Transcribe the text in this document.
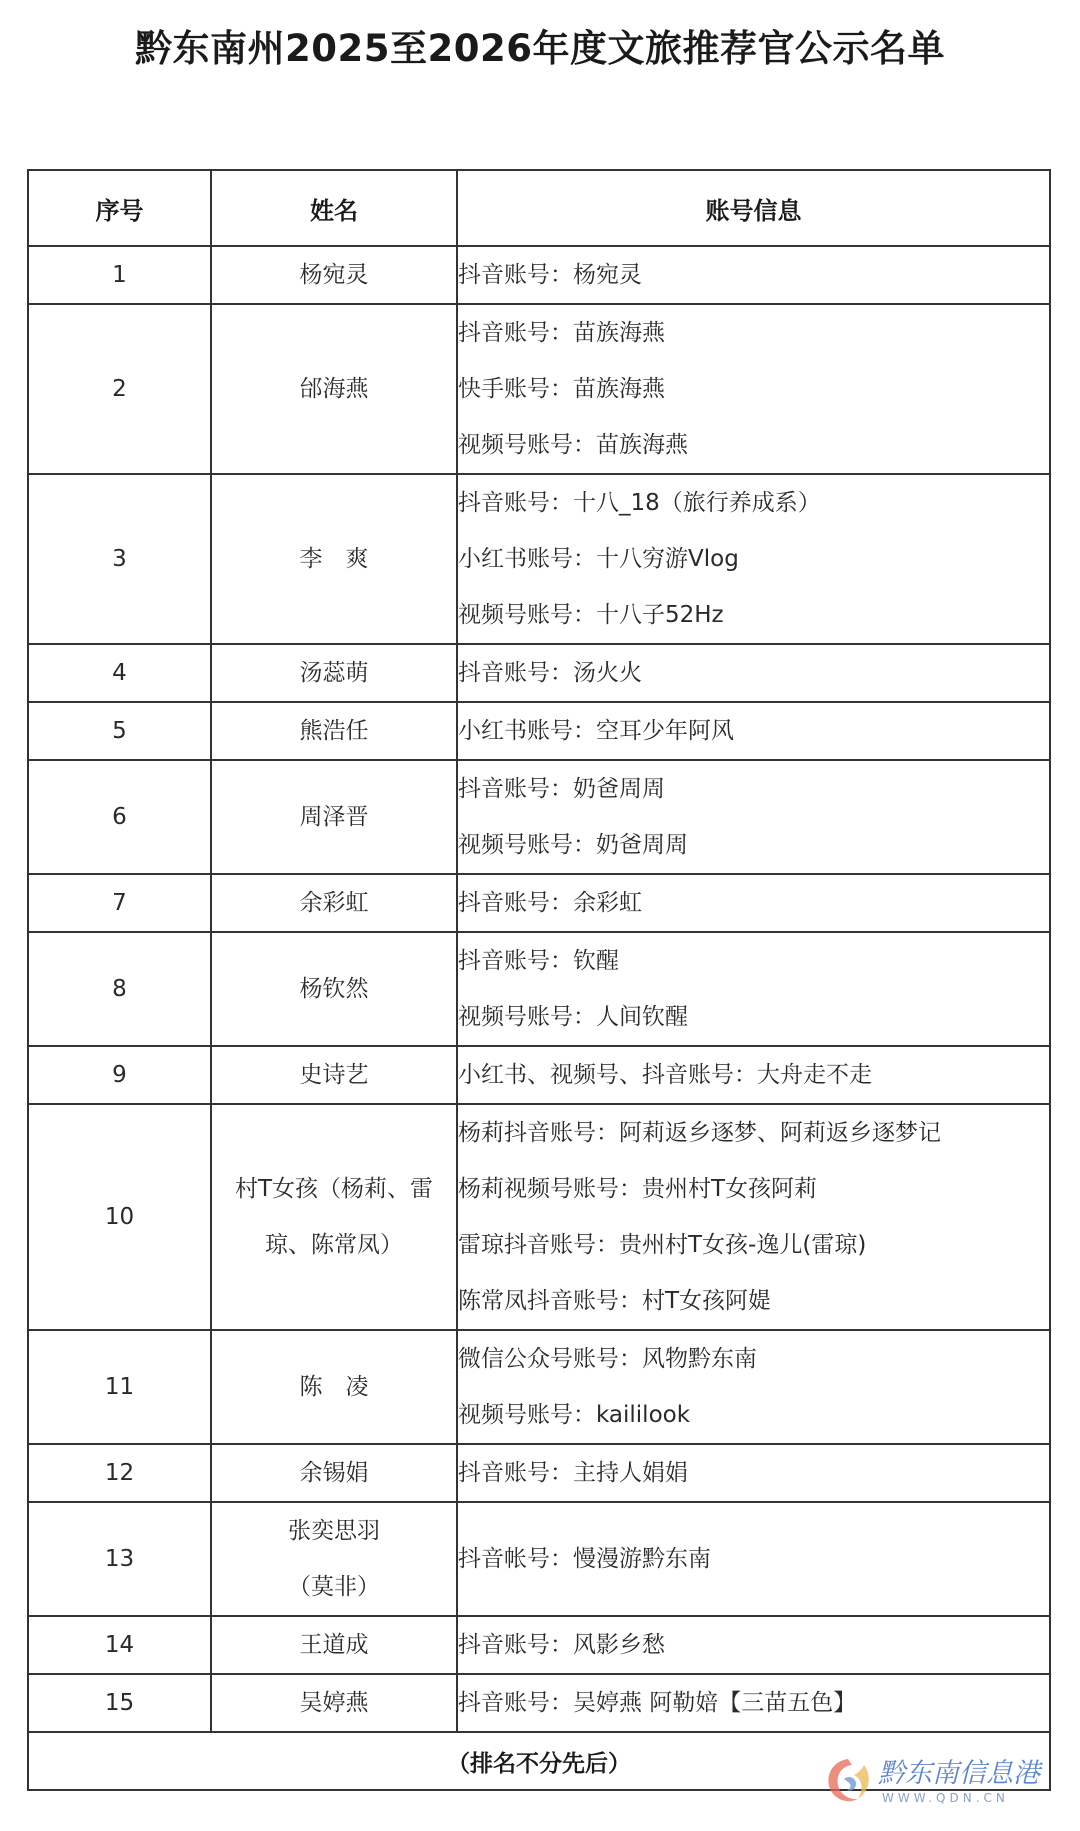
黔东南州2025至2026年度文旅推荐官公示名单
序号	姓名	账号信息
1	杨宛灵	抖音账号：杨宛灵

2	邰海燕	抖音账号：苗族海燕
快手账号：苗族海燕
视频号账号：苗族海燕

3	李　爽	抖音账号：十八_18（旅行养成系）
小红书账号：十八穷游Vlog
视频号账号：十八子52Hz

4	汤蕊萌	抖音账号：汤火火

5	熊浩任	小红书账号：空耳少年阿风

6	周泽晋	抖音账号：奶爸周周
视频号账号：奶爸周周

7	余彩虹	抖音账号：余彩虹

8	杨钦然	抖音账号：钦醒
视频号账号：人间钦醒

9	史诗艺	小红书、视频号、抖音账号：大舟走不走

10	村T女孩（杨莉、雷
琼、陈常凤）	杨莉抖音账号：阿莉返乡逐梦、阿莉返乡逐梦记
杨莉视频号账号：贵州村T女孩阿莉
雷琼抖音账号：贵州村T女孩-逸儿(雷琼)
陈常凤抖音账号：村T女孩阿媞

11	陈　凌	微信公众号账号：风物黔东南
视频号账号：kaililook

12	余锡娟	抖音账号：主持人娟娟

13	张奕思羽
（莫非）	抖音帐号：慢漫游黔东南

14	王道成	抖音账号：风影乡愁

15	吴婷燕	抖音账号：吴婷燕 阿勒婄【三苗五色】

（排名不分先后）			黔东南信息港
WWW.QDN.CN
